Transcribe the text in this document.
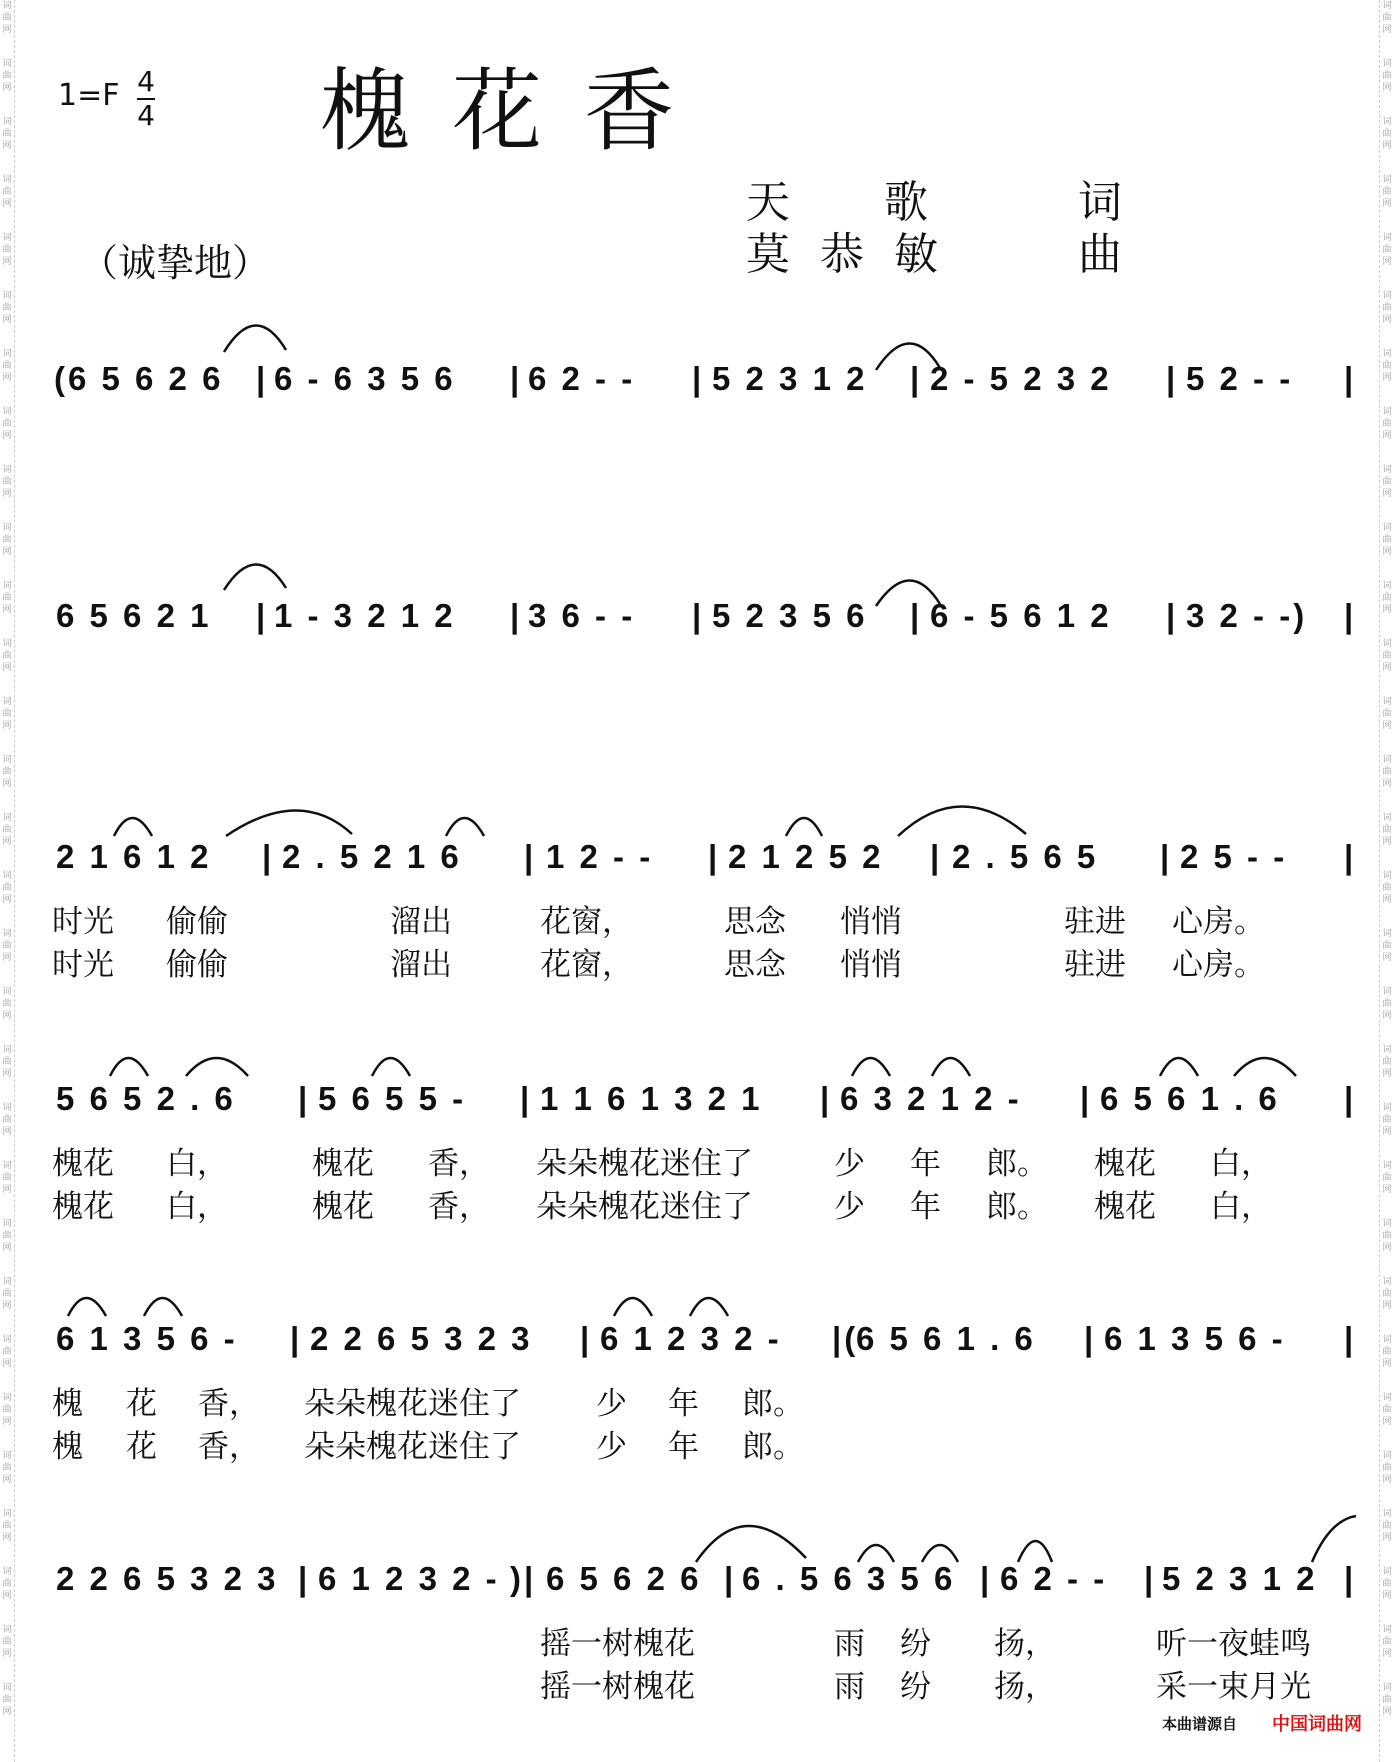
词
曲
网
词
曲
网
词
曲
网
词
曲
网
词
曲
网
词
曲
网
词
曲
网
词
曲
网
词
曲
网
词
曲
网
词
曲
网
词
曲
网
词
曲
网
词
曲
网
词
曲
网
词
曲
网
词
曲
网
词
曲
网
词
曲
网
词
曲
网
词
曲
网
词
曲
网
词
曲
网
词
曲
网
词
曲
网
词
曲
网
词
曲
网
词
曲
网
词
曲
网
词
曲
网
词
曲
网
词
曲
网
词
曲
网
词
曲
网
词
曲
网
词
曲
网
词
曲
网
词
曲
网
词
曲
网
词
曲
网
词
曲
网
词
曲
网
词
曲
网
词
曲
网
词
曲
网
词
曲
网
词
曲
网
词
曲
网
词
曲
网
词
曲
网
词
曲
网
词
曲
网
词
曲
网
词
曲
网
词
曲
网
词
曲
网
词
曲
网
词
曲
网
词
曲
网
词
曲
网
1=F 4
4 槐花香
天 歌	词
莫恭敏	曲
（诚挚地）
(6 5 6 2 6 | 6 - 6 3 5 6 | 6 2 - - | 5 2 3 1 2 | 2 - 5 2 3 2 | 5 2 - - |
6 5 6 2 1 | 1 - 3 2 1 2 | 3 6 - - | 5 2 3 5 6 | 6 - 5 6 1 2 | 3 2 - -) |
2 1 6 1 2 | 2 . 5 2 1 6 | 1 2 - - | 2 1 2 5 2 | 2 . 5 6 5 | 2 5 - - |
时光 偷偷	溜出	花窗，	思念 悄悄	驻进 心房。
时光 偷偷	溜出	花窗，	思念 悄悄	驻进 心房。
5 6 5 2 . 6 | 5 6 5 5 - | 1 1 6 1 3 2 1 | 6 3 2 1 2 - | 6 5 6 1 . 6 |
槐花 白，	槐花 香， 朵朵槐花迷住了	少 年 郎。 槐花 白，
槐花 白，	槐花 香， 朵朵槐花迷住了	少 年 郎。 槐花 白，
6 1 3 5 6 - | 2 2 6 5 3 2 3 | 6 1 2 3 2 - |(
6 5 6 1 . 6 | 6 1 3 5 6 - |
槐 花 香， 朵朵槐花迷住了 少 年 郎。
槐 花 香， 朵朵槐花迷住了 少 年 郎。
2 2 6 5 3 2 3 | 6 1 2 3 2 - )| 6 5 6 2 6 | 6 . 5 6 3 5 6 | 6 2 - - | 5 2 3 1 2 |
摇一树槐花	雨 纷 扬，	听一夜蛙鸣
摇一树槐花	雨 纷 扬，	采一束月光
本曲谱源自 中国词曲网
